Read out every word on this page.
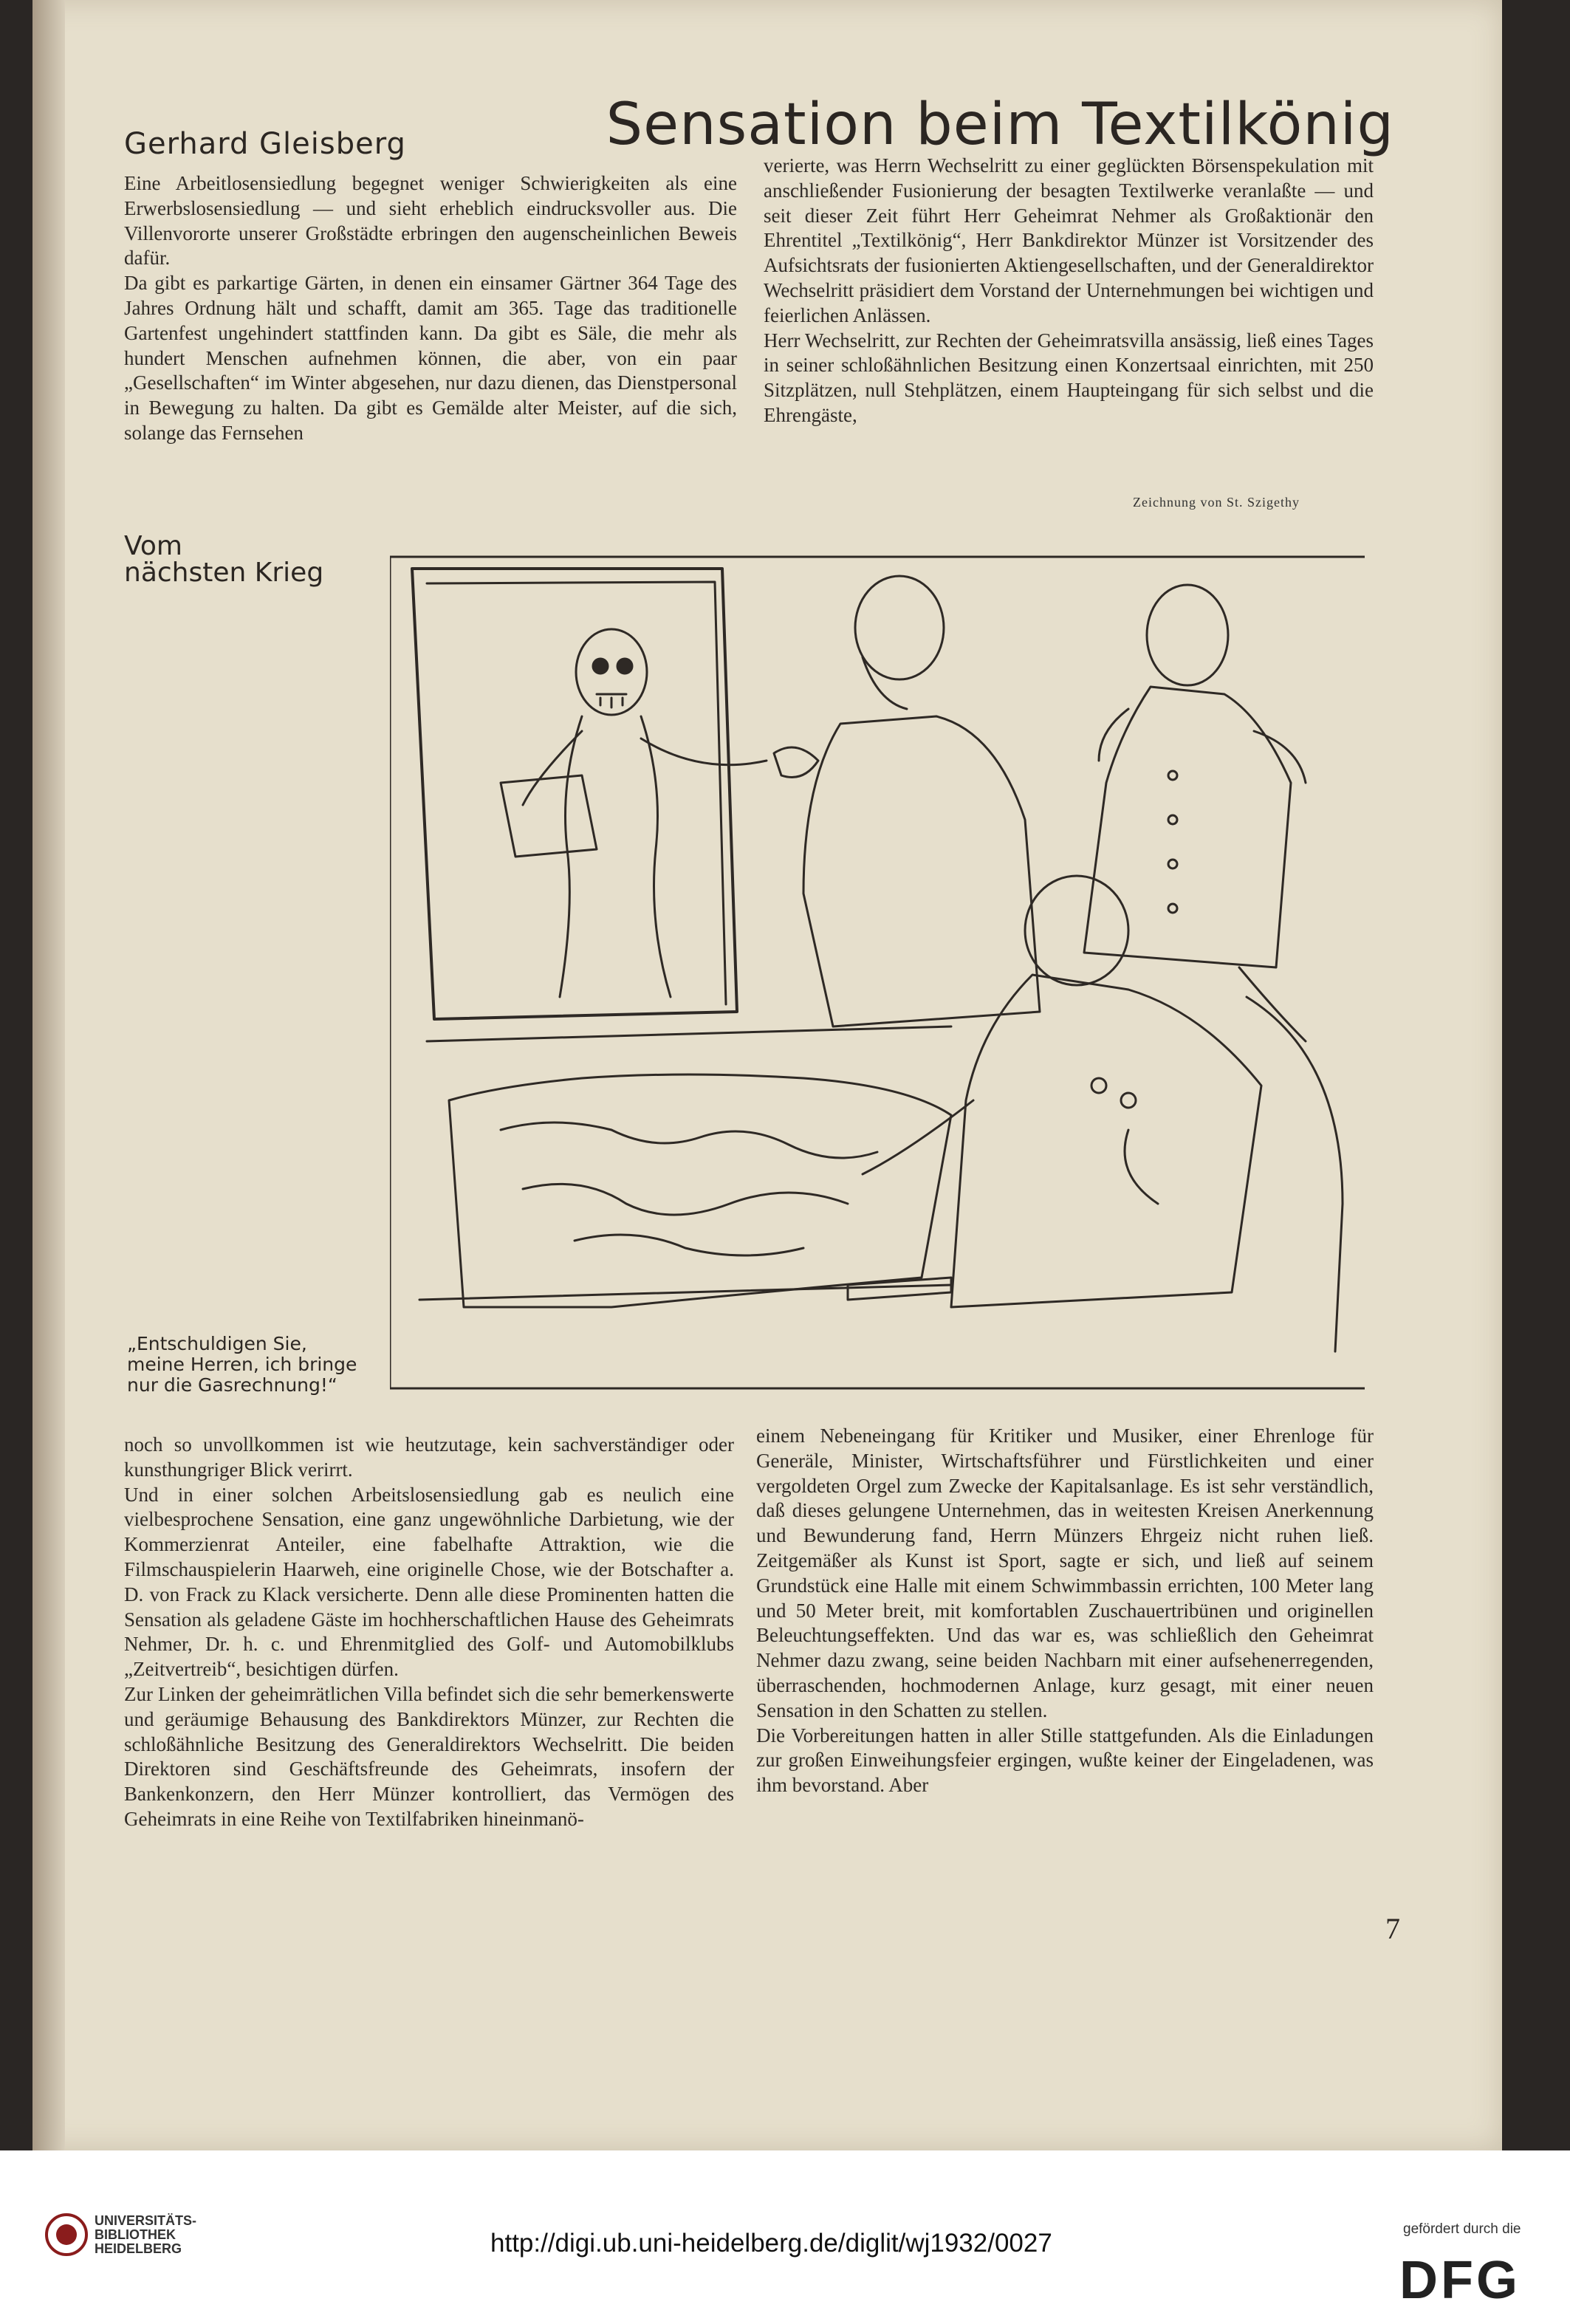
Gerhard Gleisberg	Sensation beim Textilkönig

Eine Arbeitlosensiedlung begegnet weniger Schwierigkeiten als eine Erwerbslosensiedlung — und sieht erheblich eindrucksvoller aus. Die Villenvororte unserer Großstädte erbringen den augenscheinlichen Beweis dafür.

Da gibt es parkartige Gärten, in denen ein einsamer Gärtner 364 Tage des Jahres Ordnung hält und schafft, damit am 365. Tage das traditionelle Gartenfest ungehindert stattfinden kann. Da gibt es Säle, die mehr als hundert Menschen aufnehmen können, die aber, von ein paar „Gesellschaften“ im Winter abgesehen, nur dazu dienen, das Dienstpersonal in Bewegung zu halten. Da gibt es Gemälde alter Meister, auf die sich, solange das Fernsehen

verierte, was Herrn Wechselritt zu einer geglückten Börsenspekulation mit anschließender Fusionierung der besagten Textilwerke veranlaßte — und seit dieser Zeit führt Herr Geheimrat Nehmer als Großaktionär den Ehrentitel „Textilkönig“, Herr Bankdirektor Münzer ist Vorsitzender des Aufsichtsrats der fusionierten Aktiengesellschaften, und der Generaldirektor Wechselritt präsidiert dem Vorstand der Unternehmungen bei wichtigen und feierlichen Anlässen.

Herr Wechselritt, zur Rechten der Geheimratsvilla ansässig, ließ eines Tages in seiner schloßähnlichen Besitzung einen Konzertsaal einrichten, mit 250 Sitzplätzen, null Stehplätzen, einem Haupteingang für sich selbst und die Ehrengäste,

Zeichnung von St. Szigethy
Vom
nächsten Krieg
„Entschuldigen Sie,
meine Herren, ich bringe
nur die Gasrechnung!“

noch so unvollkommen ist wie heutzutage, kein sachverständiger oder kunsthungriger Blick verirrt.

Und in einer solchen Arbeitslosensiedlung gab es neulich eine vielbesprochene Sensation, eine ganz ungewöhnliche Darbietung, wie der Kommerzienrat Anteiler, eine fabelhafte Attraktion, wie die Filmschauspielerin Haarweh, eine originelle Chose, wie der Botschafter a. D. von Frack zu Klack versicherte. Denn alle diese Prominenten hatten die Sensation als geladene Gäste im hochherschaftlichen Hause des Geheimrats Nehmer, Dr. h. c. und Ehrenmitglied des Golf- und Automobilklubs „Zeitvertreib“, besichtigen dürfen.

Zur Linken der geheimrätlichen Villa befindet sich die sehr bemerkenswerte und geräumige Behausung des Bankdirektors Münzer, zur Rechten die schloßähnliche Besitzung des Generaldirektors Wechselritt. Die beiden Direktoren sind Geschäftsfreunde des Geheimrats, insofern der Bankenkonzern, den Herr Münzer kontrolliert, das Vermögen des Geheimrats in eine Reihe von Textilfabriken hineinmanö-

einem Nebeneingang für Kritiker und Musiker, einer Ehrenloge für Generäle, Minister, Wirtschaftsführer und Fürstlichkeiten und einer vergoldeten Orgel zum Zwecke der Kapitalsanlage. Es ist sehr verständlich, daß dieses gelungene Unternehmen, das in weitesten Kreisen Anerkennung und Bewunderung fand, Herrn Münzers Ehrgeiz nicht ruhen ließ. Zeitgemäßer als Kunst ist Sport, sagte er sich, und ließ auf seinem Grundstück eine Halle mit einem Schwimmbassin errichten, 100 Meter lang und 50 Meter breit, mit komfortablen Zuschauertribünen und originellen Beleuchtungseffekten. Und das war es, was schließlich den Geheimrat Nehmer dazu zwang, seine beiden Nachbarn mit einer aufsehenerregenden, überraschenden, hochmodernen Anlage, kurz gesagt, mit einer neuen Sensation in den Schatten zu stellen.

Die Vorbereitungen hatten in aller Stille stattgefunden. Als die Einladungen zur großen Einweihungsfeier ergingen, wußte keiner der Eingeladenen, was ihm bevorstand. Aber

7
UNIVERSITÄTS-
BIBLIOTHEK
HEIDELBERG	http://digi.ub.uni-heidelberg.de/diglit/wj1932/0027	gefördert durch die
DFG
